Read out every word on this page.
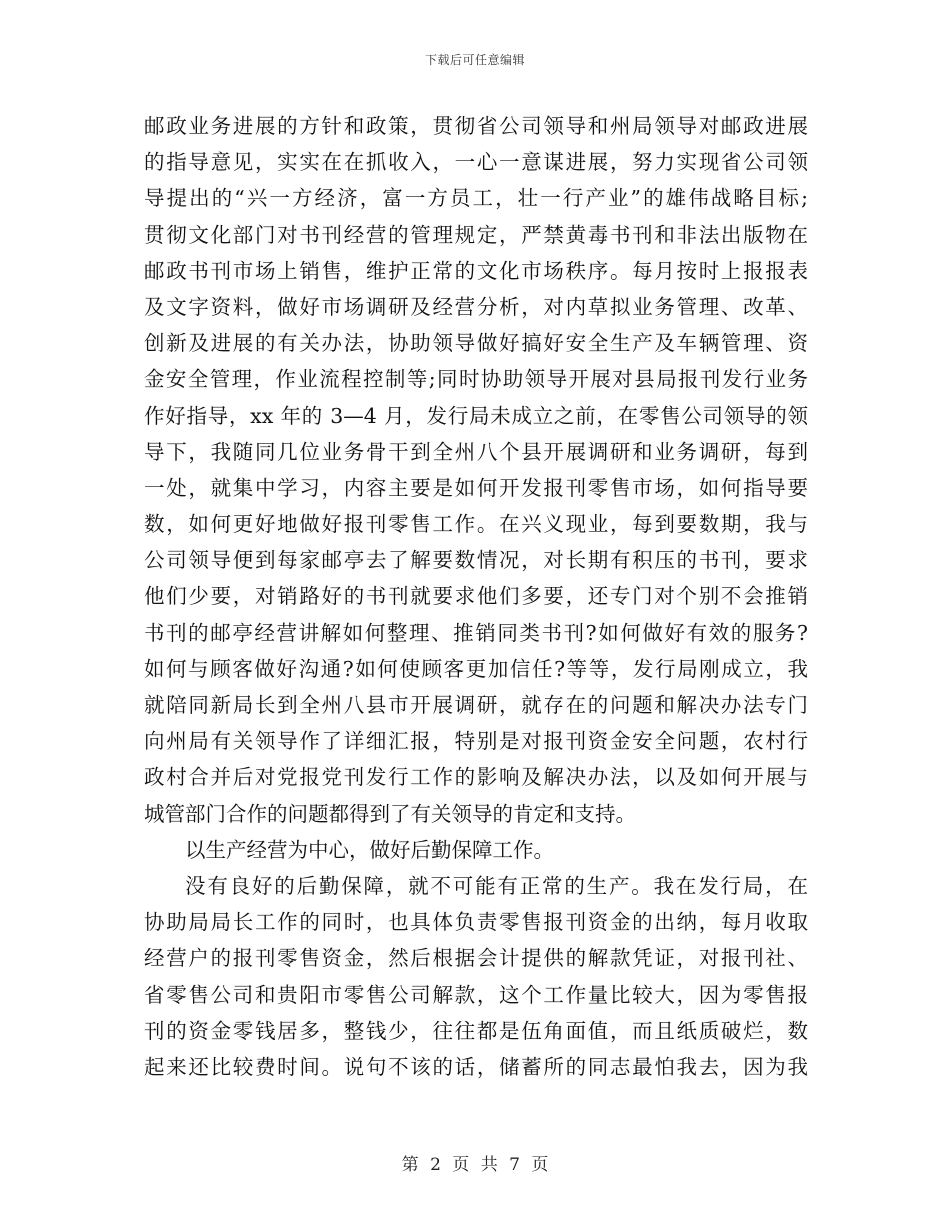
下载后可任意编辑
邮政业务进展的方针和政策，贯彻省公司领导和州局领导对邮政进展
的指导意见，实实在在抓收入，一心一意谋进展，努力实现省公司领
导提出的“兴一方经济，富一方员工，壮一行产业”的雄伟战略目标;
贯彻文化部门对书刊经营的管理规定，严禁黄毒书刊和非法出版物在
邮政书刊市场上销售，维护正常的文化市场秩序。每月按时上报报表
及文字资料，做好市场调研及经营分析，对内草拟业务管理、改革、
创新及进展的有关办法，协助领导做好搞好安全生产及车辆管理、资
金安全管理，作业流程控制等;同时协助领导开展对县局报刊发行业务
作好指导，xx 年的 3—4 月，发行局未成立之前，在零售公司领导的领
导下，我随同几位业务骨干到全州八个县开展调研和业务调研，每到
一处，就集中学习，内容主要是如何开发报刊零售市场，如何指导要
数，如何更好地做好报刊零售工作。在兴义现业，每到要数期，我与
公司领导便到每家邮亭去了解要数情况，对长期有积压的书刊，要求
他们少要，对销路好的书刊就要求他们多要，还专门对个别不会推销
书刊的邮亭经营讲解如何整理、推销同类书刊?如何做好有效的服务?
如何与顾客做好沟通?如何使顾客更加信任?等等，发行局刚成立，我
就陪同新局长到全州八县市开展调研，就存在的问题和解决办法专门
向州局有关领导作了详细汇报，特别是对报刊资金安全问题，农村行
政村合并后对党报党刊发行工作的影响及解决办法，以及如何开展与
城管部门合作的问题都得到了有关领导的肯定和支持。
以生产经营为中心，做好后勤保障工作。
没有良好的后勤保障，就不可能有正常的生产。我在发行局，在
协助局局长工作的同时，也具体负责零售报刊资金的出纳，每月收取
经营户的报刊零售资金，然后根据会计提供的解款凭证，对报刊社、
省零售公司和贵阳市零售公司解款，这个工作量比较大，因为零售报
刊的资金零钱居多，整钱少，往往都是伍角面值，而且纸质破烂，数
起来还比较费时间。说句不该的话，储蓄所的同志最怕我去，因为我
第 2 页 共 7 页
